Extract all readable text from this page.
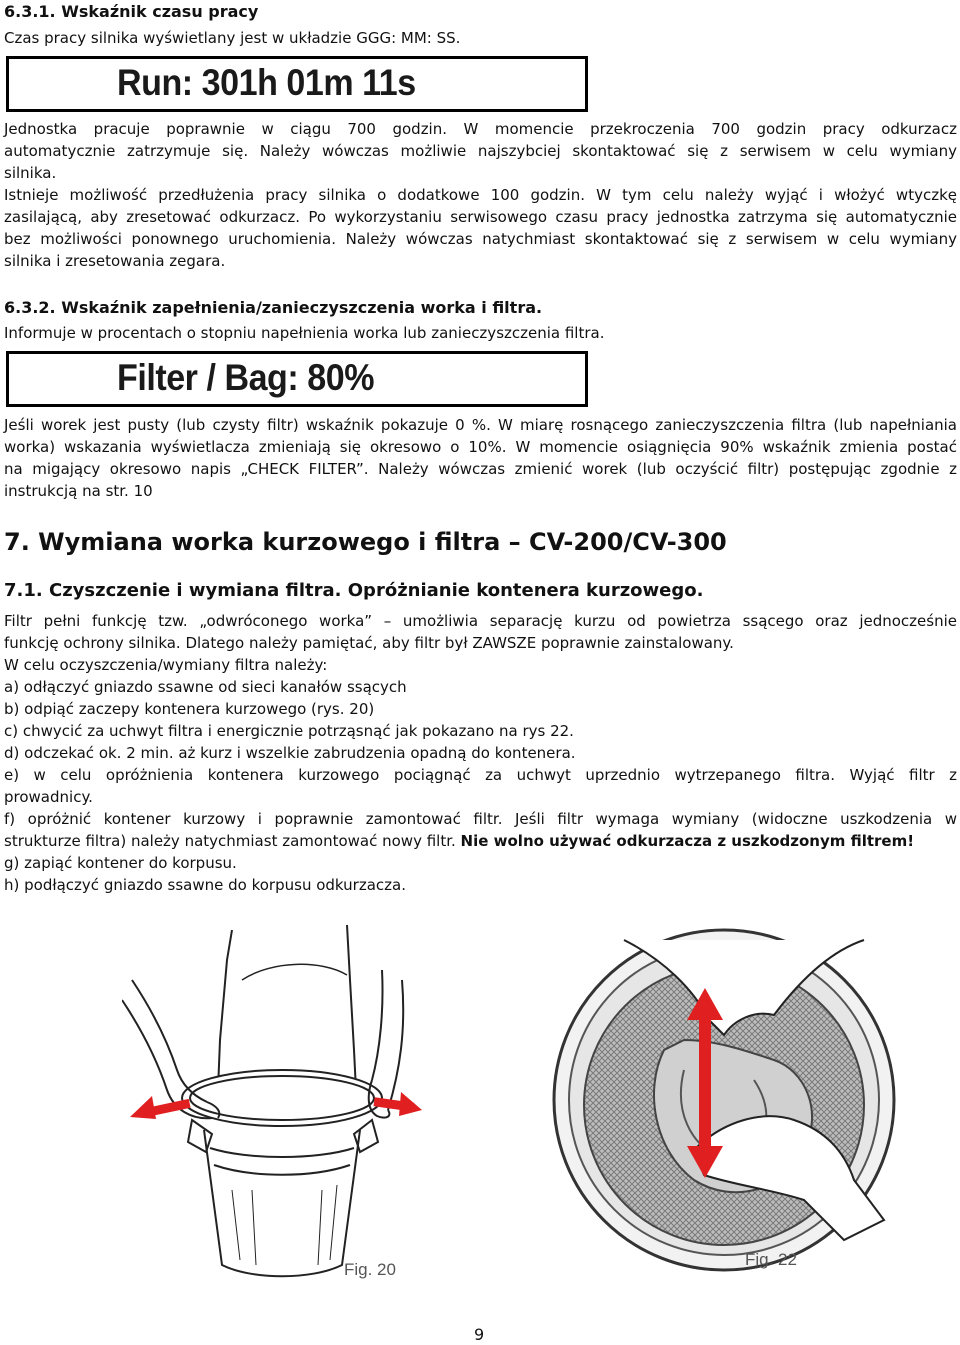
6.3.1. Wskaźnik czasu pracy
Czas pracy silnika wyświetlany jest w układzie GGG: MM: SS.
Run: 301h 01m 11s
Jednostka pracuje poprawnie w ciągu 700 godzin. W momencie przekroczenia 700 godzin pracy odkurzacz
automatycznie zatrzymuje się. Należy wówczas możliwie najszybciej skontaktować się z serwisem w celu wymiany
silnika.
Istnieje możliwość przedłużenia pracy silnika o dodatkowe 100 godzin. W tym celu należy wyjąć i włożyć wtyczkę
zasilającą, aby zresetować odkurzacz. Po wykorzystaniu serwisowego czasu pracy jednostka zatrzyma się automatycznie
bez możliwości ponownego uruchomienia. Należy wówczas natychmiast skontaktować się z serwisem w celu wymiany
silnika i zresetowania zegara.
6.3.2. Wskaźnik zapełnienia/zanieczyszczenia worka i filtra.
Informuje w procentach o stopniu napełnienia worka lub zanieczyszczenia filtra.
Filter / Bag: 80%
Jeśli worek jest pusty (lub czysty filtr) wskaźnik pokazuje 0 %. W miarę rosnącego zanieczyszczenia filtra (lub napełniania
worka) wskazania wyświetlacza zmieniają się okresowo o 10%. W momencie osiągnięcia 90% wskaźnik zmienia postać
na migający okresowo napis „CHECK FILTER”. Należy wówczas zmienić worek (lub oczyścić filtr) postępując zgodnie z
instrukcją na str. 10
7. Wymiana worka kurzowego i filtra – CV-200/CV-300
7.1. Czyszczenie i wymiana filtra. Opróżnianie kontenera kurzowego.
Filtr pełni funkcję tzw. „odwróconego worka” – umożliwia separację kurzu od powietrza ssącego oraz jednocześnie
funkcję ochrony silnika. Dlatego należy pamiętać, aby filtr był ZAWSZE poprawnie zainstalowany.
W celu oczyszczenia/wymiany filtra należy:
a) odłączyć gniazdo ssawne od sieci kanałów ssących
b) odpiąć zaczepy kontenera kurzowego (rys. 20)
c) chwycić za uchwyt filtra i energicznie potrząsnąć jak pokazano na rys 22.
d) odczekać ok. 2 min. aż kurz i wszelkie zabrudzenia opadną do kontenera.
e) w celu opróżnienia kontenera kurzowego pociągnąć za uchwyt uprzednio wytrzepanego filtra. Wyjąć filtr z
prowadnicy.
f) opróżnić kontener kurzowy i poprawnie zamontować filtr. Jeśli filtr wymaga wymiany (widoczne uszkodzenia w
strukturze filtra) należy natychmiast zamontować nowy filtr. Nie wolno używać odkurzacza z uszkodzonym filtrem!
g) zapiąć kontener do korpusu.
h) podłączyć gniazdo ssawne do korpusu odkurzacza.
Fig. 20
Fig. 22
9
